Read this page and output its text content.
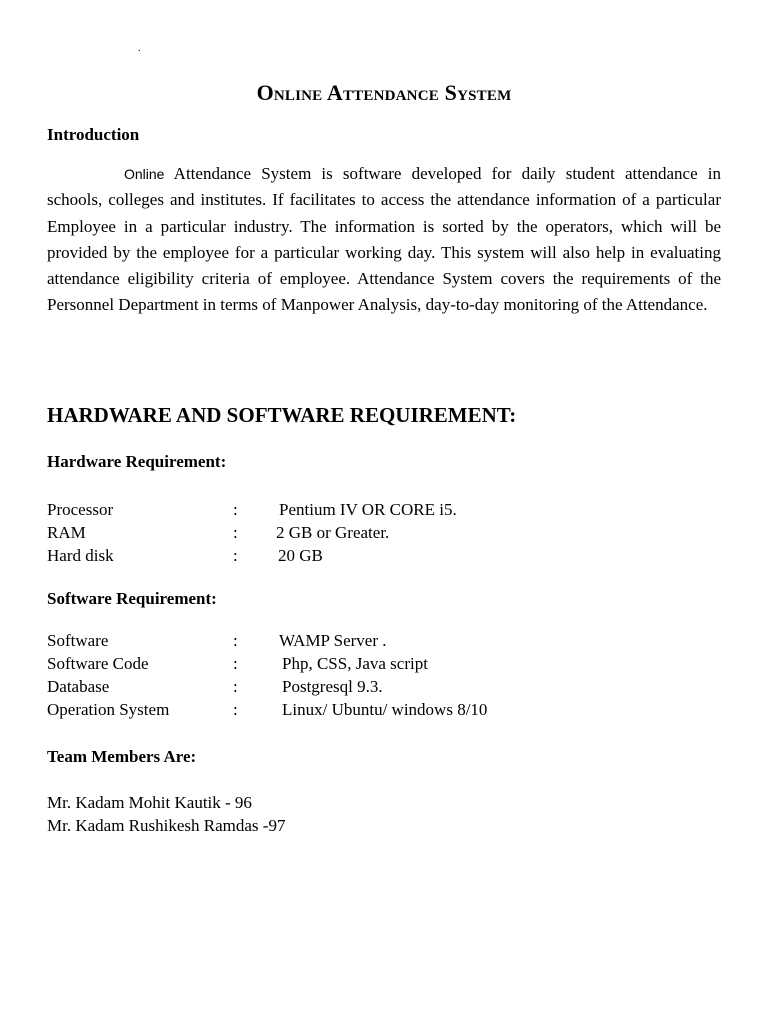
.
Online Attendance System
Introduction

Online Attendance System is software developed for daily student attendance in schools, colleges and institutes. If facilitates to access the attendance information of a particular Employee in a particular industry. The information is sorted by the operators, which will be provided by the employee for a particular working day. This system will also help in evaluating attendance eligibility criteria of employee. Attendance System covers the requirements of the Personnel Department in terms of Manpower Analysis, day-to-day monitoring of the Attendance.

HARDWARE AND SOFTWARE REQUIREMENT:
Hardware Requirement:
Processor	: Pentium IV OR CORE i5.
RAM	: 2 GB or Greater.
Hard disk	: 20 GB
Software Requirement:
Software	: WAMP Server .
Software Code	:	Php, CSS, Java script
Database	:	Postgresql 9.3.
Operation System	:	Linux/ Ubuntu/ windows 8/10
Team Members Are:
Mr. Kadam Mohit Kautik - 96
Mr. Kadam Rushikesh Ramdas -97
